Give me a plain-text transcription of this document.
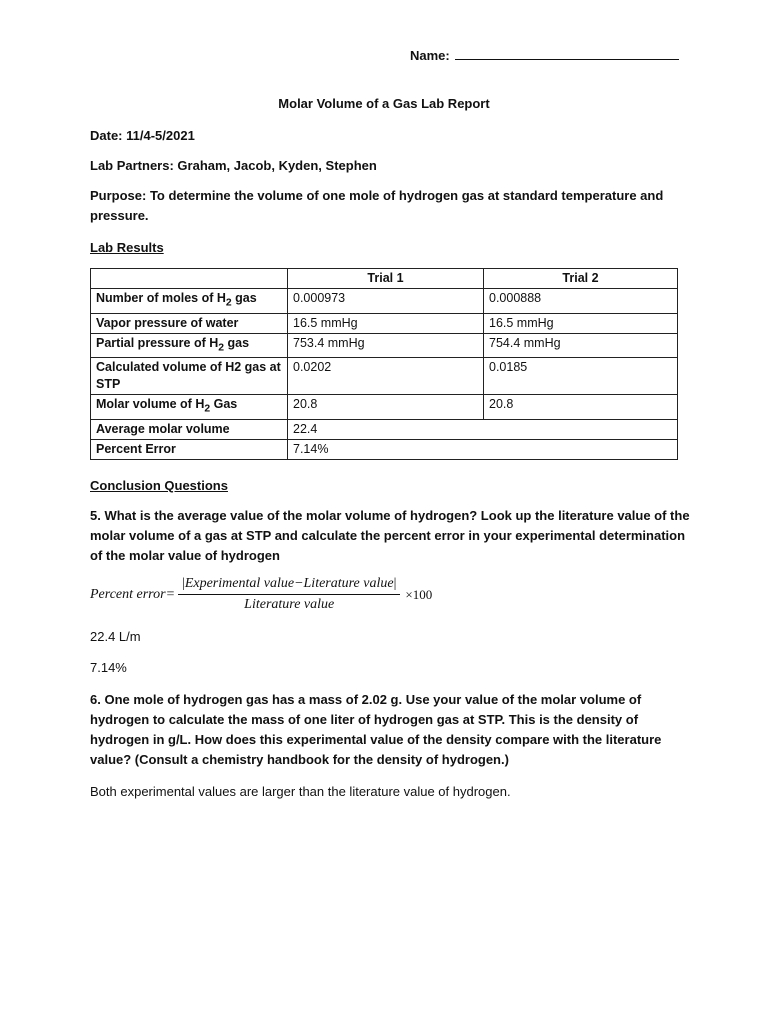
Name:
Molar Volume of a Gas Lab Report
Date: 11/4-5/2021
Lab Partners: Graham, Jacob, Kyden, Stephen
Purpose: To determine the volume of one mole of hydrogen gas at standard temperature and pressure.
Lab Results
	Trial 1	Trial 2
Number of moles of $H_2$ gas	0.000973	0.000888
Vapor pressure of water	16.5 mmHg	16.5 mmHg
Partial pressure of $H_2$ gas	753.4 mmHg	754.4 mmHg
Calculated volume of H2 gas at STP	0.0202	0.0185
Molar volume of $H_2$ Gas	20.8	20.8
Average molar volume	22.4	
Percent Error	7.14%	
Conclusion Questions
5. What is the average value of the molar volume of hydrogen? Look up the literature value of the molar volume of a gas at STP and calculate the percent error in your experimental determination of the molar value of hydrogen
Percent error = $\frac{\text{|Experimental value−Literature value|}}{\text{Literature value}} \times 100$
22.4 L/m
7.14%
6. One mole of hydrogen gas has a mass of 2.02 g. Use your value of the molar volume of hydrogen to calculate the mass of one liter of hydrogen gas at STP. This is the density of hydrogen in g/L. How does this experimental value of the density compare with the literature value? (Consult a chemistry handbook for the density of hydrogen.)
Both experimental values are larger than the literature value of hydrogen.
